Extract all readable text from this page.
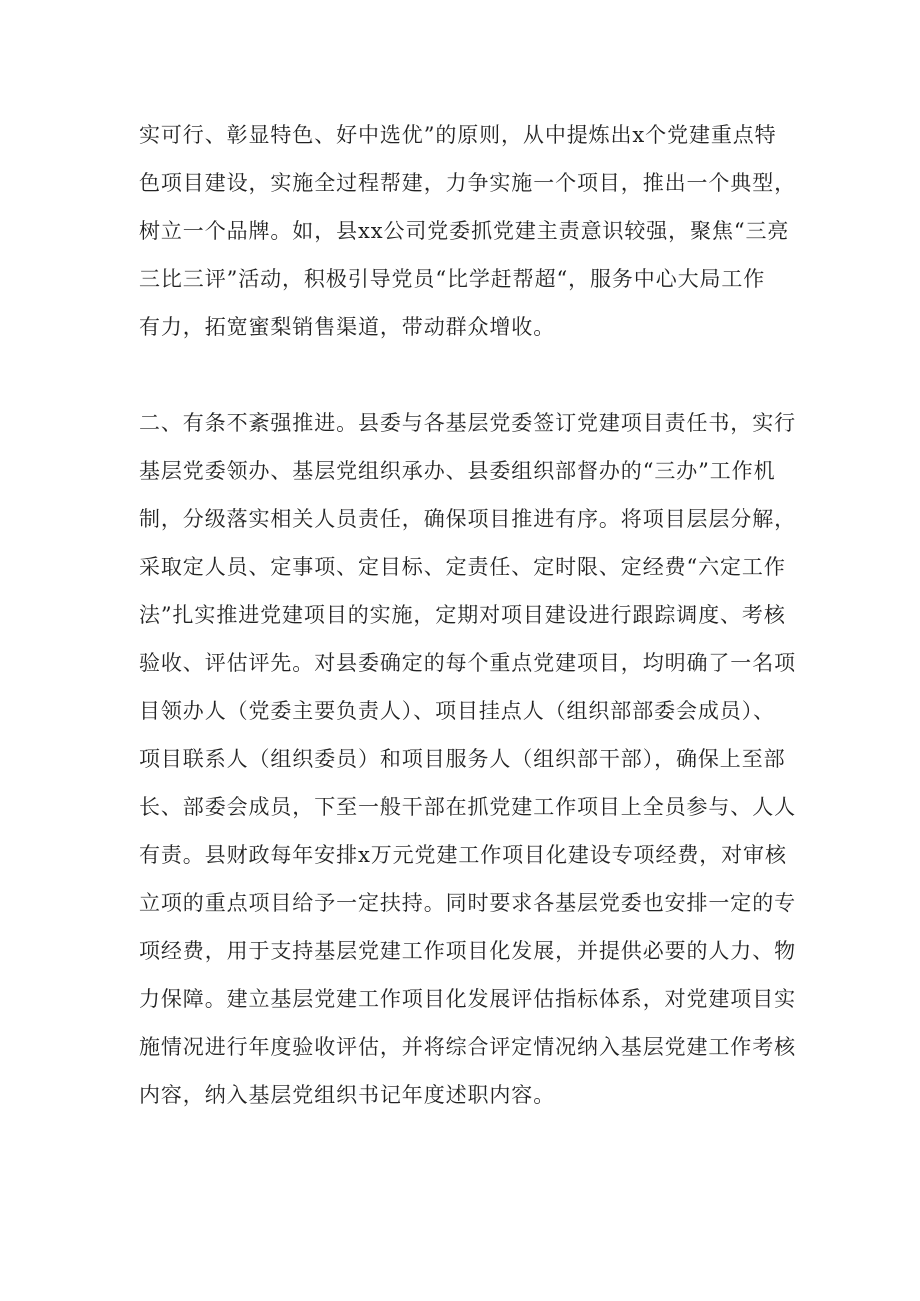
实可行、彰显特色、好中选优”的原则，从中提炼出x个党建重点特

色项目建设，实施全过程帮建，力争实施一个项目，推出一个典型，

树立一个品牌。如，县xx公司党委抓党建主责意识较强，聚焦“三亮

三比三评”活动，积极引导党员“比学赶帮超“，服务中心大局工作

有力，拓宽蜜梨销售渠道，带动群众增收。

二、有条不紊强推进。县委与各基层党委签订党建项目责任书，实行

基层党委领办、基层党组织承办、县委组织部督办的“三办”工作机

制，分级落实相关人员责任，确保项目推进有序。将项目层层分解，

采取定人员、定事项、定目标、定责任、定时限、定经费“六定工作

法”扎实推进党建项目的实施，定期对项目建设进行跟踪调度、考核

验收、评估评先。对县委确定的每个重点党建项目，均明确了一名项

目领办人（党委主要负责人）、项目挂点人（组织部部委会成员）、

项目联系人（组织委员）和项目服务人（组织部干部），确保上至部

长、部委会成员，下至一般干部在抓党建工作项目上全员参与、人人

有责。县财政每年安排x万元党建工作项目化建设专项经费，对审核

立项的重点项目给予一定扶持。同时要求各基层党委也安排一定的专

项经费，用于支持基层党建工作项目化发展，并提供必要的人力、物

力保障。建立基层党建工作项目化发展评估指标体系，对党建项目实

施情况进行年度验收评估，并将综合评定情况纳入基层党建工作考核

内容，纳入基层党组织书记年度述职内容。
